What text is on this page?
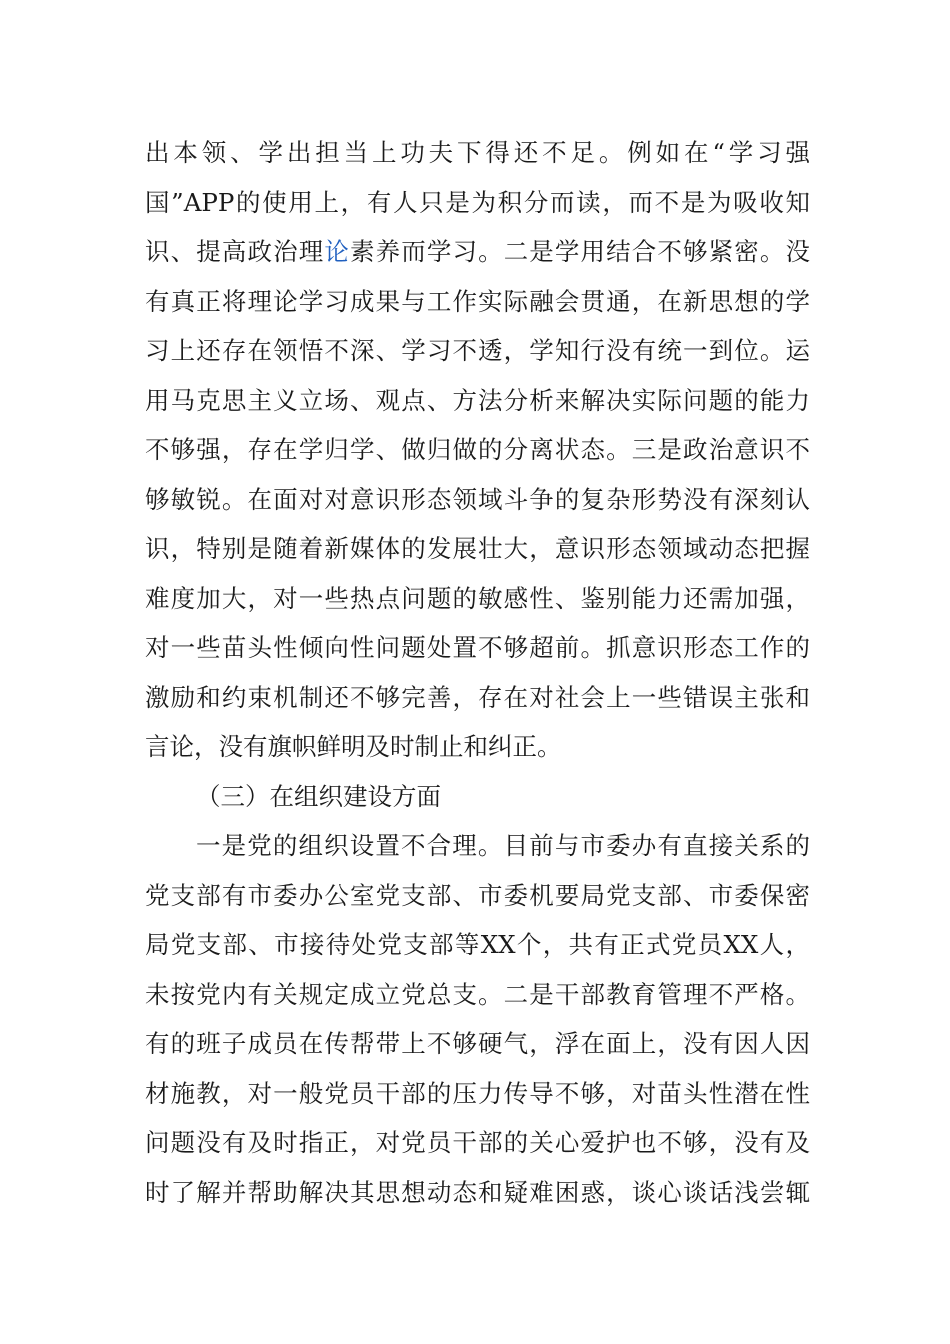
出本领、学出担当上功夫下得还不足。例如在“学习强
国”APP的使用上，有人只是为积分而读，而不是为吸收知
识、提高政治理论素养而学习。二是学用结合不够紧密。没
有真正将理论学习成果与工作实际融会贯通，在新思想的学
习上还存在领悟不深、学习不透，学知行没有统一到位。运
用马克思主义立场、观点、方法分析来解决实际问题的能力
不够强，存在学归学、做归做的分离状态。三是政治意识不
够敏锐。在面对对意识形态领域斗争的复杂形势没有深刻认
识，特别是随着新媒体的发展壮大，意识形态领域动态把握
难度加大，对一些热点问题的敏感性、鉴别能力还需加强，
对一些苗头性倾向性问题处置不够超前。抓意识形态工作的
激励和约束机制还不够完善，存在对社会上一些错误主张和
言论，没有旗帜鲜明及时制止和纠正。
（三）在组织建设方面
一是党的组织设置不合理。目前与市委办有直接关系的
党支部有市委办公室党支部、市委机要局党支部、市委保密
局党支部、市接待处党支部等XX个，共有正式党员XX人，
未按党内有关规定成立党总支。二是干部教育管理不严格。
有的班子成员在传帮带上不够硬气，浮在面上，没有因人因
材施教，对一般党员干部的压力传导不够，对苗头性潜在性
问题没有及时指正，对党员干部的关心爱护也不够，没有及
时了解并帮助解决其思想动态和疑难困惑，谈心谈话浅尝辄
